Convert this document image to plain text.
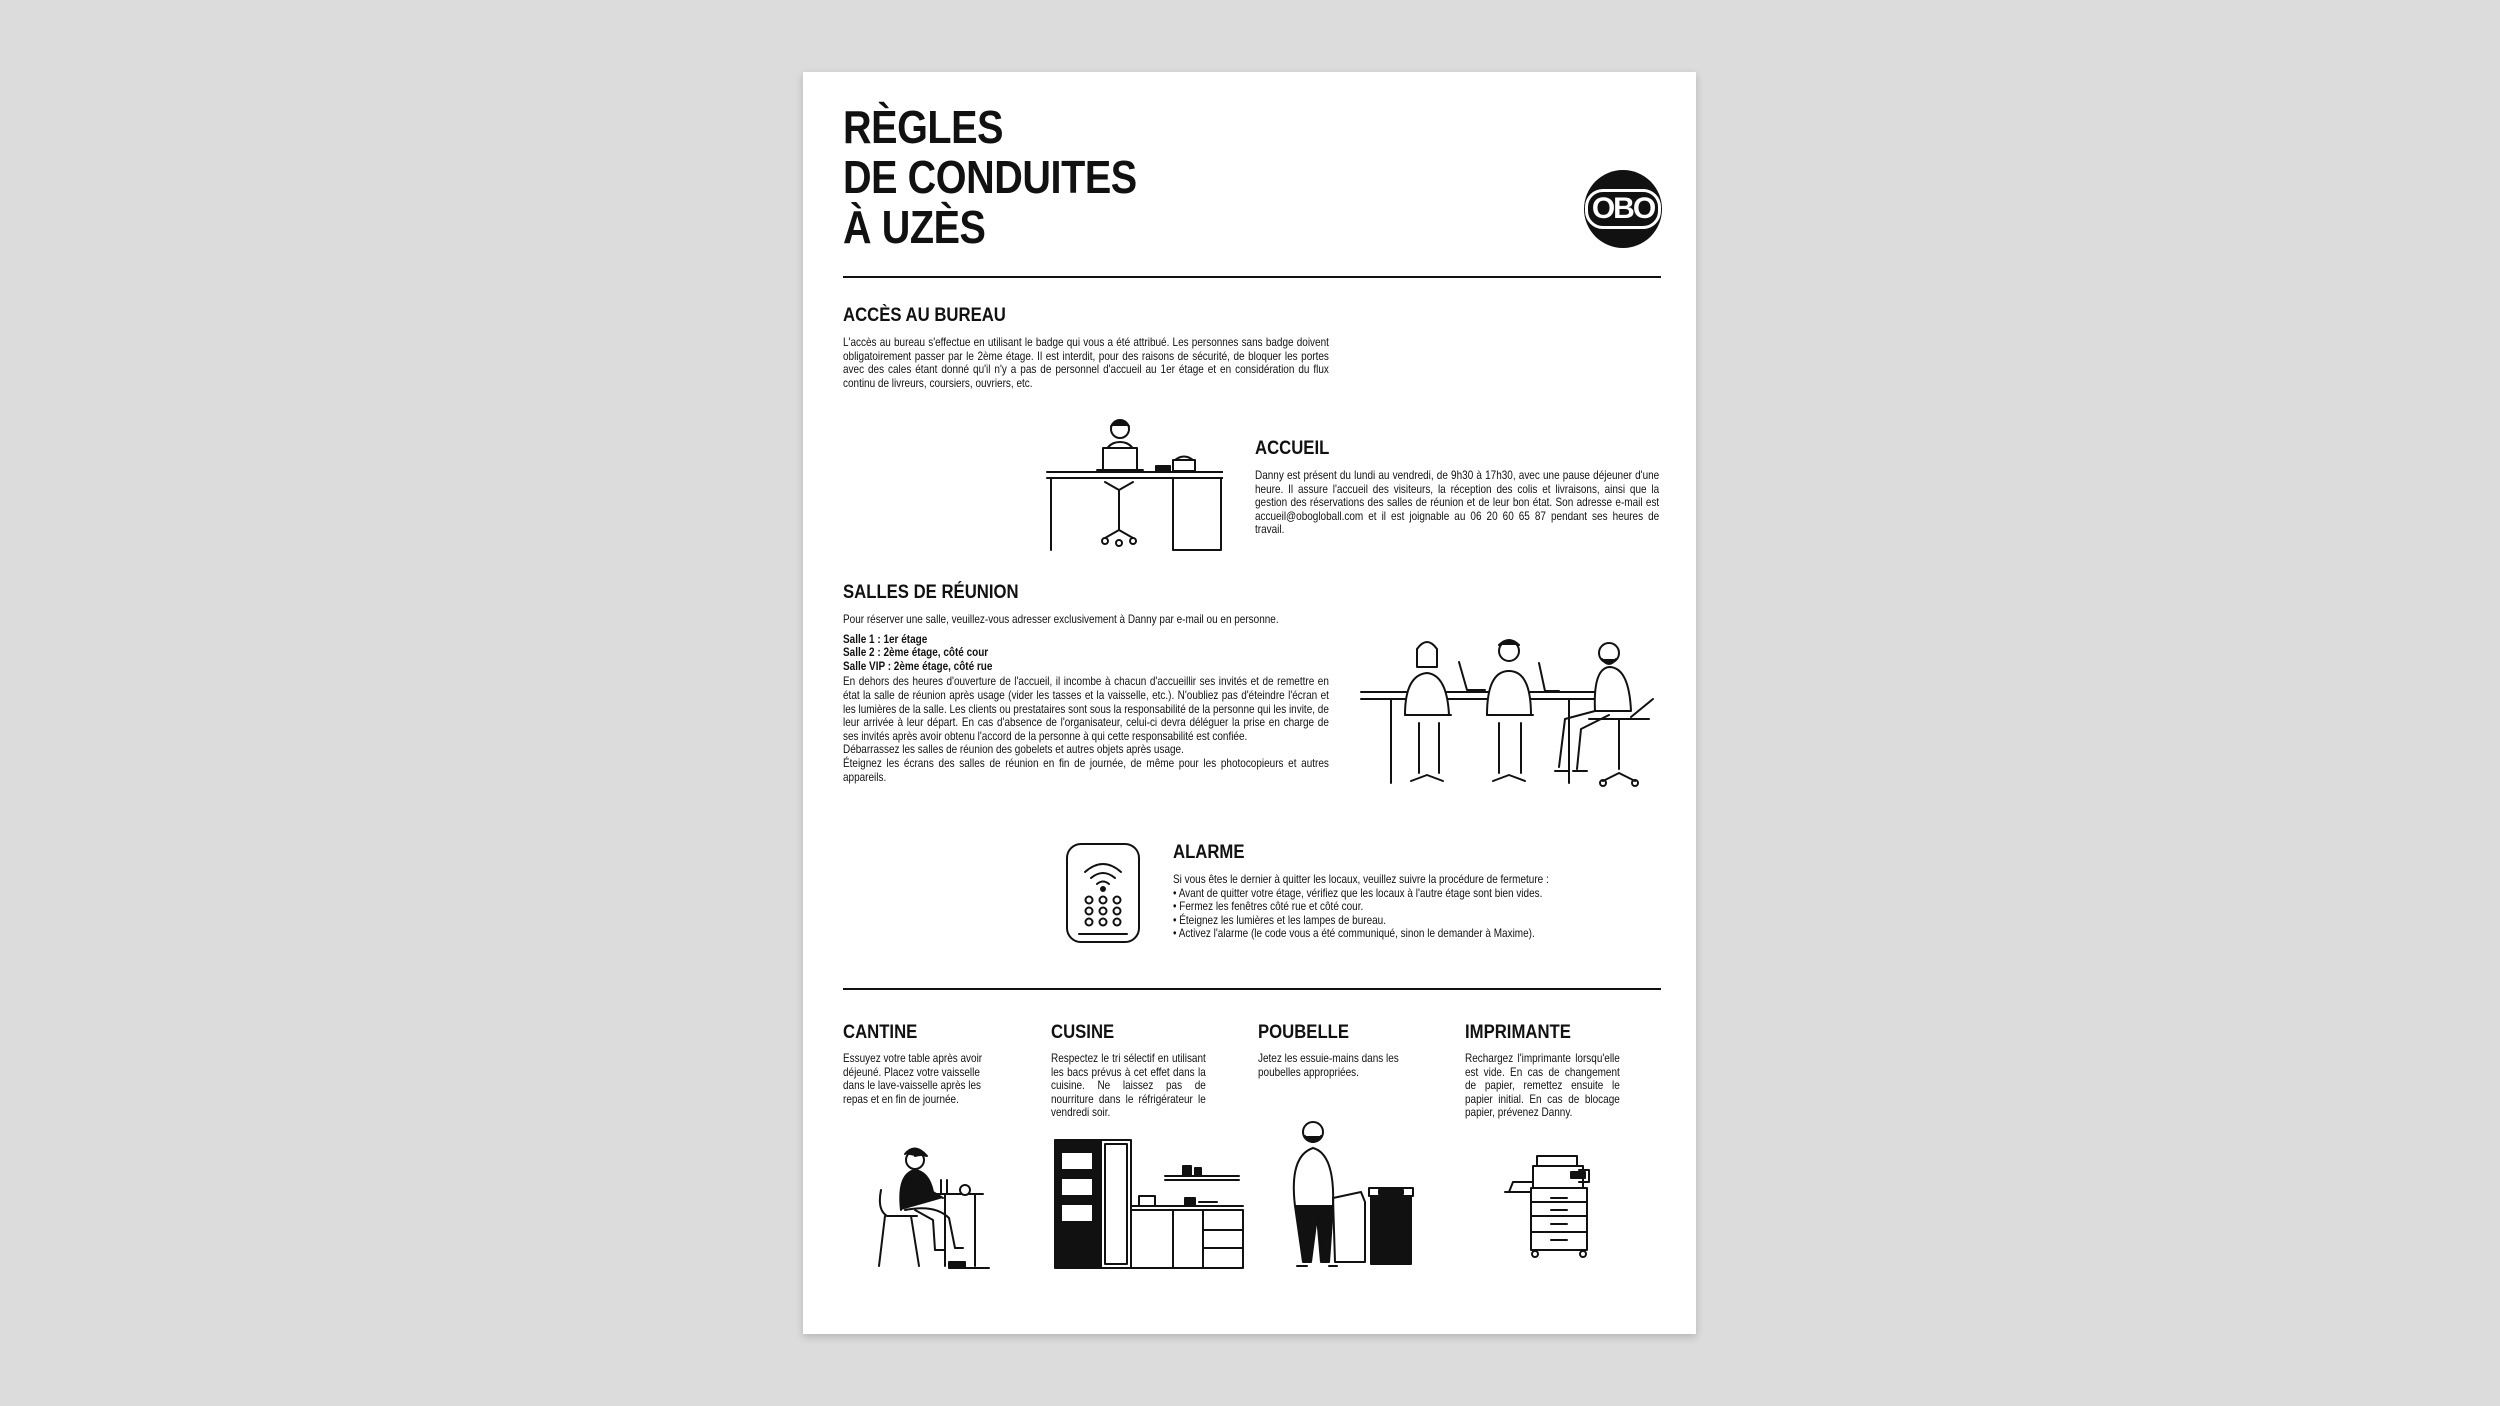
RÈGLES
DE CONDUITES
À UZÈS	OBO
ACCÈS AU BUREAU

L'accès au bureau s'effectue en utilisant le badge qui vous a été attribué. Les personnes sans badge doivent obligatoirement passer par le 2ème étage. Il est interdit, pour des raisons de sécurité, de bloquer les portes avec des cales étant donné qu'il n'y a pas de personnel d'accueil au 1er étage et en considération du flux continu de livreurs, coursiers, ouvriers, etc.

ACCUEIL

Danny est présent du lundi au vendredi, de 9h30 à 17h30, avec une pause déjeuner d'une heure. Il assure l'accueil des visiteurs, la réception des colis et livraisons, ainsi que la gestion des réservations des salles de réunion et de leur bon état. Son adresse e-mail est accueil@obogloball.com et il est joignable au 06 20 60 65 87 pendant ses heures de travail.

SALLES DE RÉUNION

Pour réserver une salle, veuillez-vous adresser exclusivement à Danny par e-mail ou en personne.

Salle 1 : 1er étage

Salle 2 : 2ème étage, côté cour

Salle VIP : 2ème étage, côté rue

En dehors des heures d'ouverture de l'accueil, il incombe à chacun d'accueillir ses invités et de remettre en état la salle de réunion après usage (vider les tasses et la vaisselle, etc.). N'oubliez pas d'éteindre l'écran et les lumières de la salle. Les clients ou prestataires sont sous la responsabilité de la personne qui les invite, de leur arrivée à leur départ. En cas d'absence de l'organisateur, celui-ci devra déléguer la prise en charge de ses invités après avoir obtenu l'accord de la personne à qui cette responsabilité est confiée.

Débarrassez les salles de réunion des gobelets et autres objets après usage.

Éteignez les écrans des salles de réunion en fin de journée, de même pour les photocopieurs et autres appareils.

ALARME

Si vous êtes le dernier à quitter les locaux, veuillez suivre la procédure de fermeture :

• Avant de quitter votre étage, vérifiez que les locaux à l'autre étage sont bien vides.

• Fermez les fenêtres côté rue et côté cour.

• Éteignez les lumières et les lampes de bureau.

• Activez l'alarme (le code vous a été communiqué, sinon le demander à Maxime).

CANTINE

Essuyez votre table après avoir déjeuné. Placez votre vaisselle dans le lave-vaisselle après les repas et en fin de journée.

CUSINE

Respectez le tri sélectif en utilisant les bacs prévus à cet effet dans la cuisine. Ne laissez pas de nourriture dans le réfrigérateur le vendredi soir.

POUBELLE

Jetez les essuie-mains dans les poubelles appropriées.

IMPRIMANTE

Rechargez l'imprimante lorsqu'elle est vide. En cas de changement de papier, remettez ensuite le papier initial. En cas de blocage papier, prévenez Danny.
